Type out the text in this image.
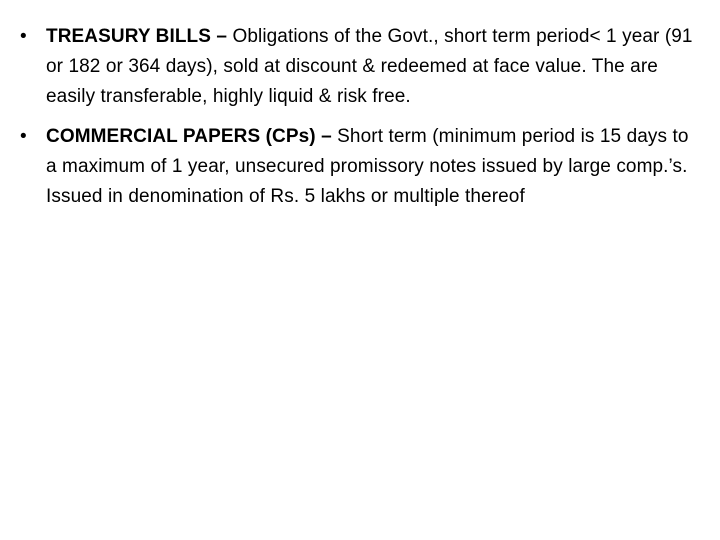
• TREASURY BILLS – Obligations of the Govt., short term period< 1 year (91 or 182 or 364 days), sold at discount & redeemed at face value. The are easily transferable, highly liquid & risk free.
• COMMERCIAL PAPERS (CPs) – Short term (minimum period is 15 days to a maximum of 1 year, unsecured promissory notes issued by large comp.’s. Issued in denomination of Rs. 5 lakhs or multiple thereof
